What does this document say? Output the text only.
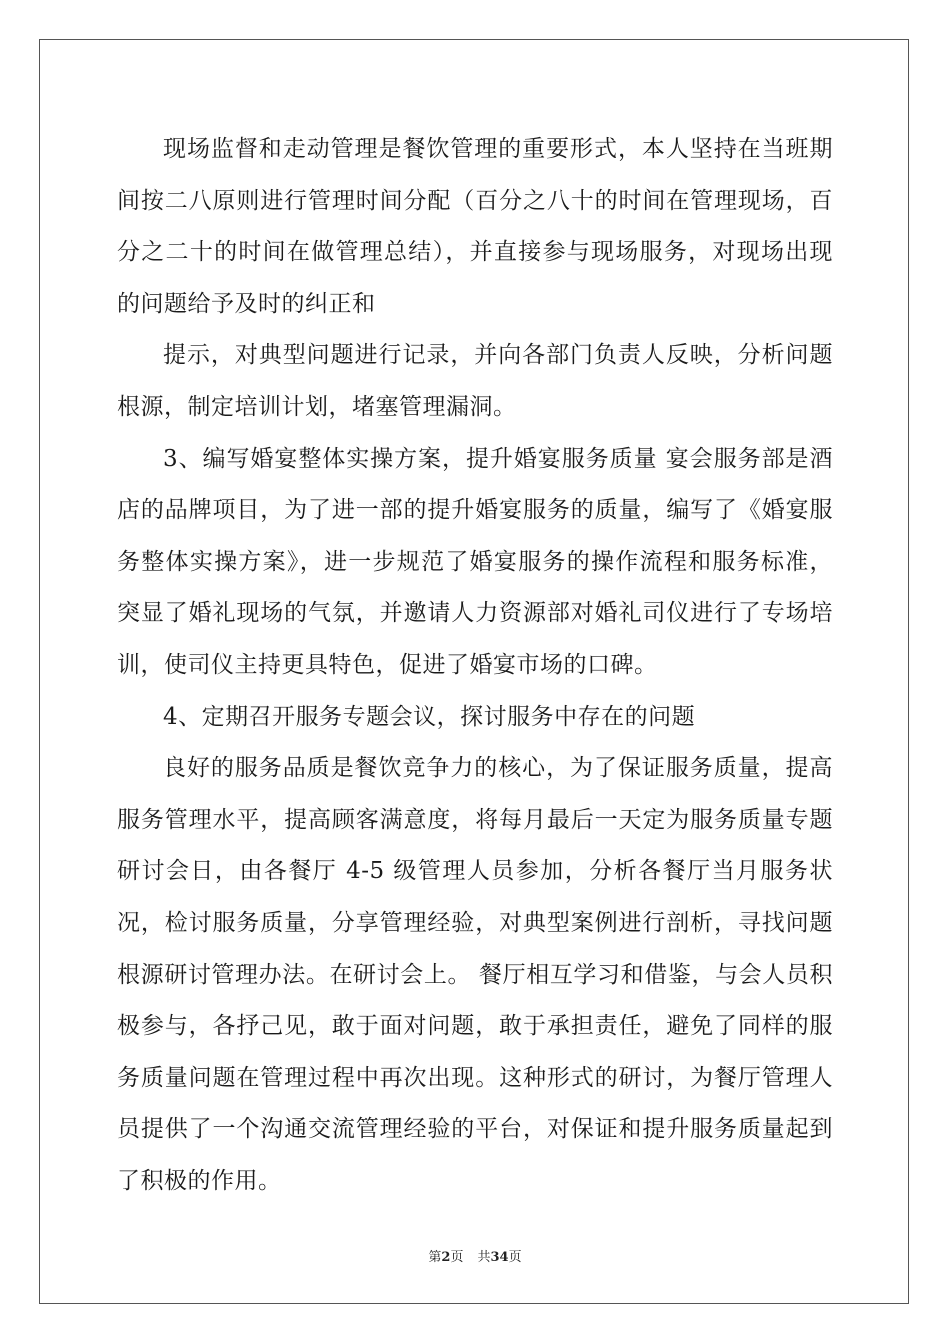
现场监督和走动管理是餐饮管理的重要形式，本人坚持在当班期间按二八原则进行管理时间分配（百分之八十的时间在管理现场，百分之二十的时间在做管理总结），并直接参与现场服务，对现场出现的问题给予及时的纠正和

提示，对典型问题进行记录，并向各部门负责人反映，分析问题根源，制定培训计划，堵塞管理漏洞。

3、编写婚宴整体实操方案，提升婚宴服务质量 宴会服务部是酒店的品牌项目，为了进一部的提升婚宴服务的质量，编写了《婚宴服务整体实操方案》，进一步规范了婚宴服务的操作流程和服务标准，突显了婚礼现场的气氛，并邀请人力资源部对婚礼司仪进行了专场培训，使司仪主持更具特色，促进了婚宴市场的口碑。

4、定期召开服务专题会议，探讨服务中存在的问题

良好的服务品质是餐饮竞争力的核心，为了保证服务质量，提高服务管理水平，提高顾客满意度，将每月最后一天定为服务质量专题研讨会日，由各餐厅 4-5 级管理人员参加，分析各餐厅当月服务状况，检讨服务质量，分享管理经验，对典型案例进行剖析，寻找问题根源研讨管理办法。在研讨会上。 餐厅相互学习和借鉴，与会人员积极参与，各抒己见，敢于面对问题，敢于承担责任，避免了同样的服务质量问题在管理过程中再次出现。这种形式的研讨，为餐厅管理人员提供了一个沟通交流管理经验的平台，对保证和提升服务质量起到了积极的作用。

第2页 共34页
